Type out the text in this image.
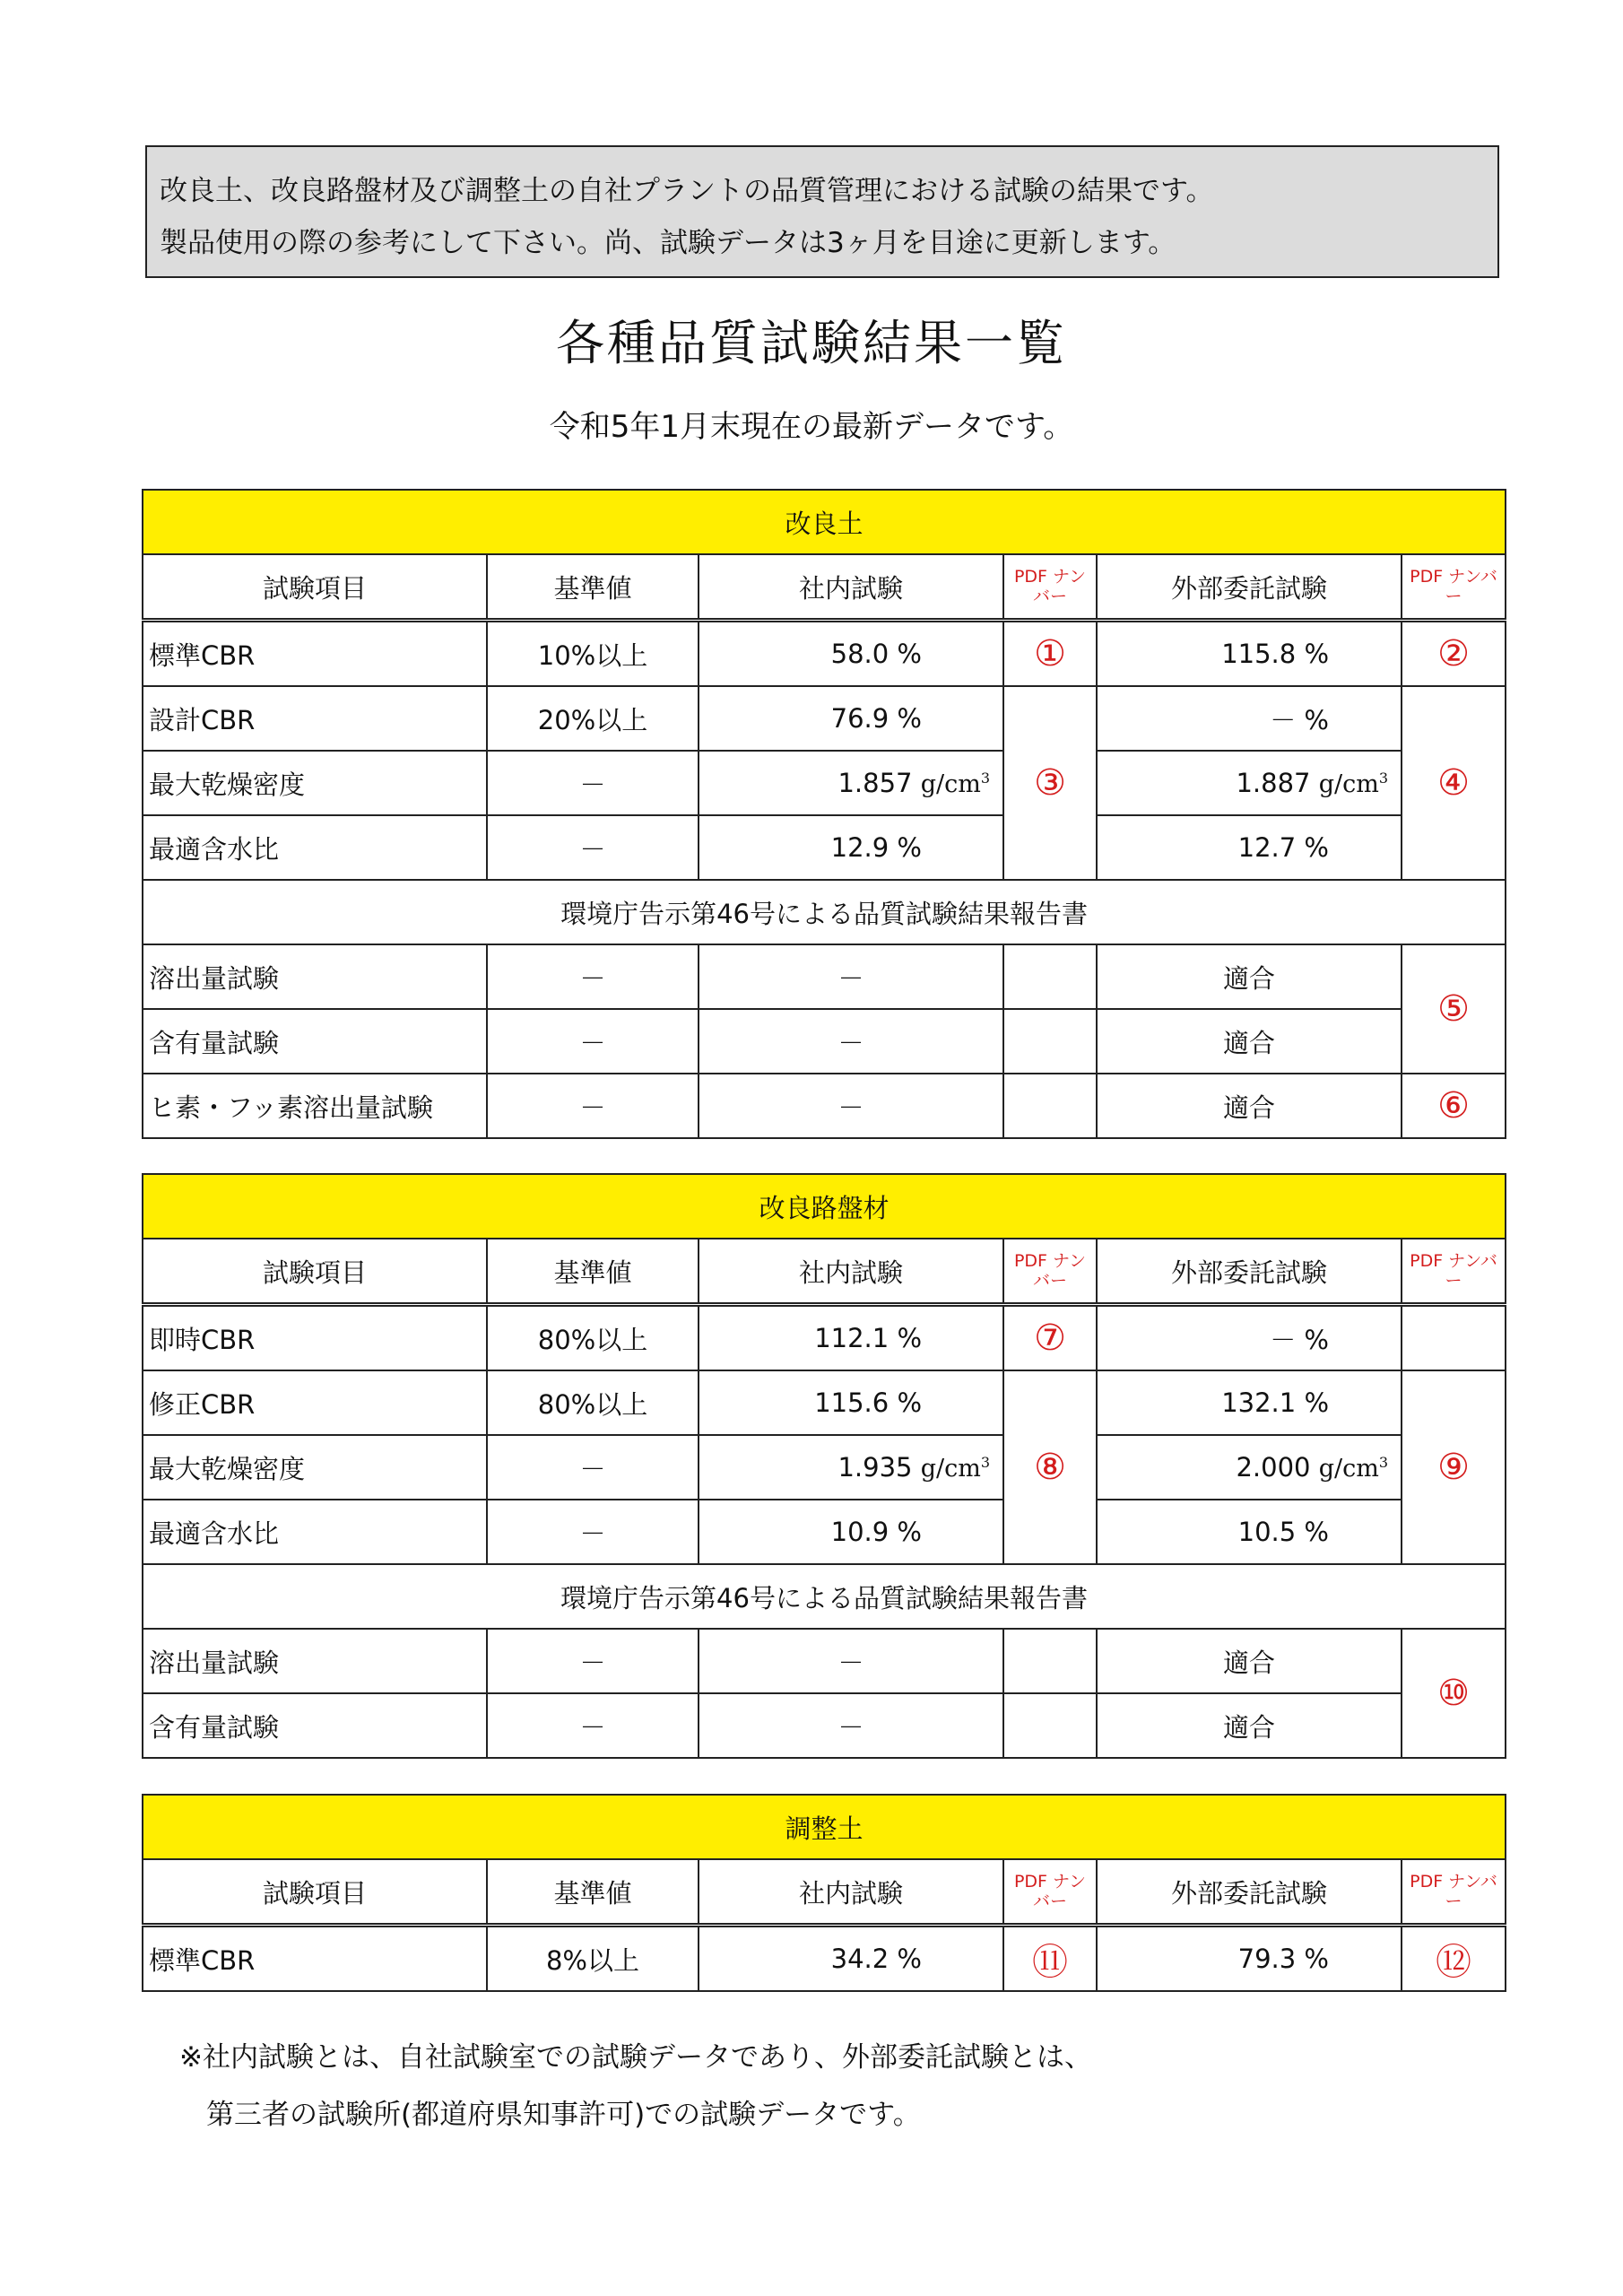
改良土、改良路盤材及び調整土の自社プラントの品質管理における試験の結果です。
製品使用の際の参考にして下さい。尚、試験データは3ヶ月を目途に更新します。
各種品質試験結果一覧
令和5年1月末現在の最新データです。
改良土					
試験項目	基準値	社内試験	PDF ナンバー	外部委託試験	PDF ナンバー
標準CBR	10%以上	58.0 %	①	115.8 %	②
設計CBR	20%以上	76.9 %	③	－ %	④
最大乾燥密度	－	1.857 $g/cm^3$		1.887 $g/cm^3$
最適含水比	－	12.9 %		12.7 %	
環境庁告示第46号による品質試験結果報告書					
溶出量試験	－	－		適合	⑤
含有量試験	－	－		適合	
ヒ素・フッ素溶出量試験	－	－		適合	⑥
改良路盤材					
試験項目	基準値	社内試験	PDF ナンバー	外部委託試験	PDF ナンバー
即時CBR	80%以上	112.1 %	⑦	－ %	
修正CBR	80%以上	115.6 %	⑧	132.1 %	⑨
最大乾燥密度	－	1.935 $g/cm^3$		2.000 $g/cm^3$
最適含水比	－	10.9 %		10.5 %	
環境庁告示第46号による品質試験結果報告書					
溶出量試験	－	－		適合	⑩
含有量試験	－	－		適合	
調整土					
試験項目	基準値	社内試験	PDF ナンバー	外部委託試験	PDF ナンバー
標準CBR	8%以上	34.2 %	⑪	79.3 %	⑫
※社内試験とは、自社試験室での試験データであり、外部委託試験とは、
第三者の試験所(都道府県知事許可)での試験データです。
